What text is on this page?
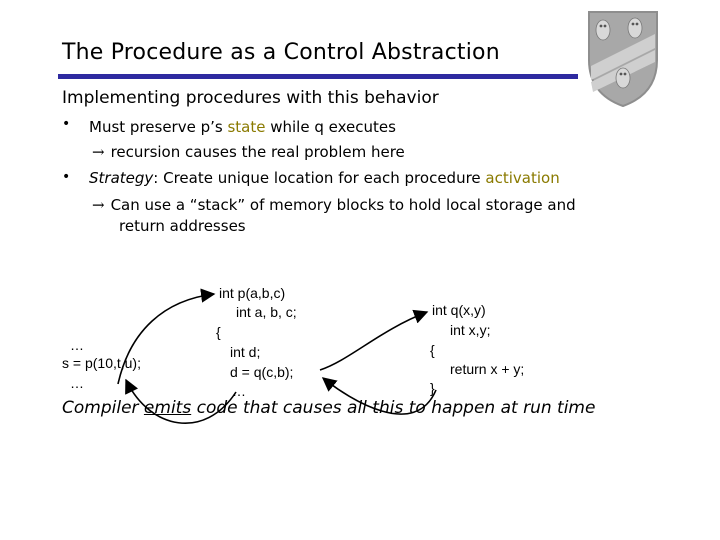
The Procedure as a Control Abstraction
Implementing procedures with this behavior
• Must preserve p’s state while q executes
→ recursion causes the real problem here
• Strategy: Create unique location for each procedure activation
→ Can use a “stack” of memory blocks to hold local storage and
return addresses
…
s = p(10,t,u);
…
int p(a,b,c)
int a, b, c;
{
int d;
d = q(c,b);
…
int q(x,y)
int x,y;
{
return x + y;
}
Compiler emits code that causes all this to happen at run time
